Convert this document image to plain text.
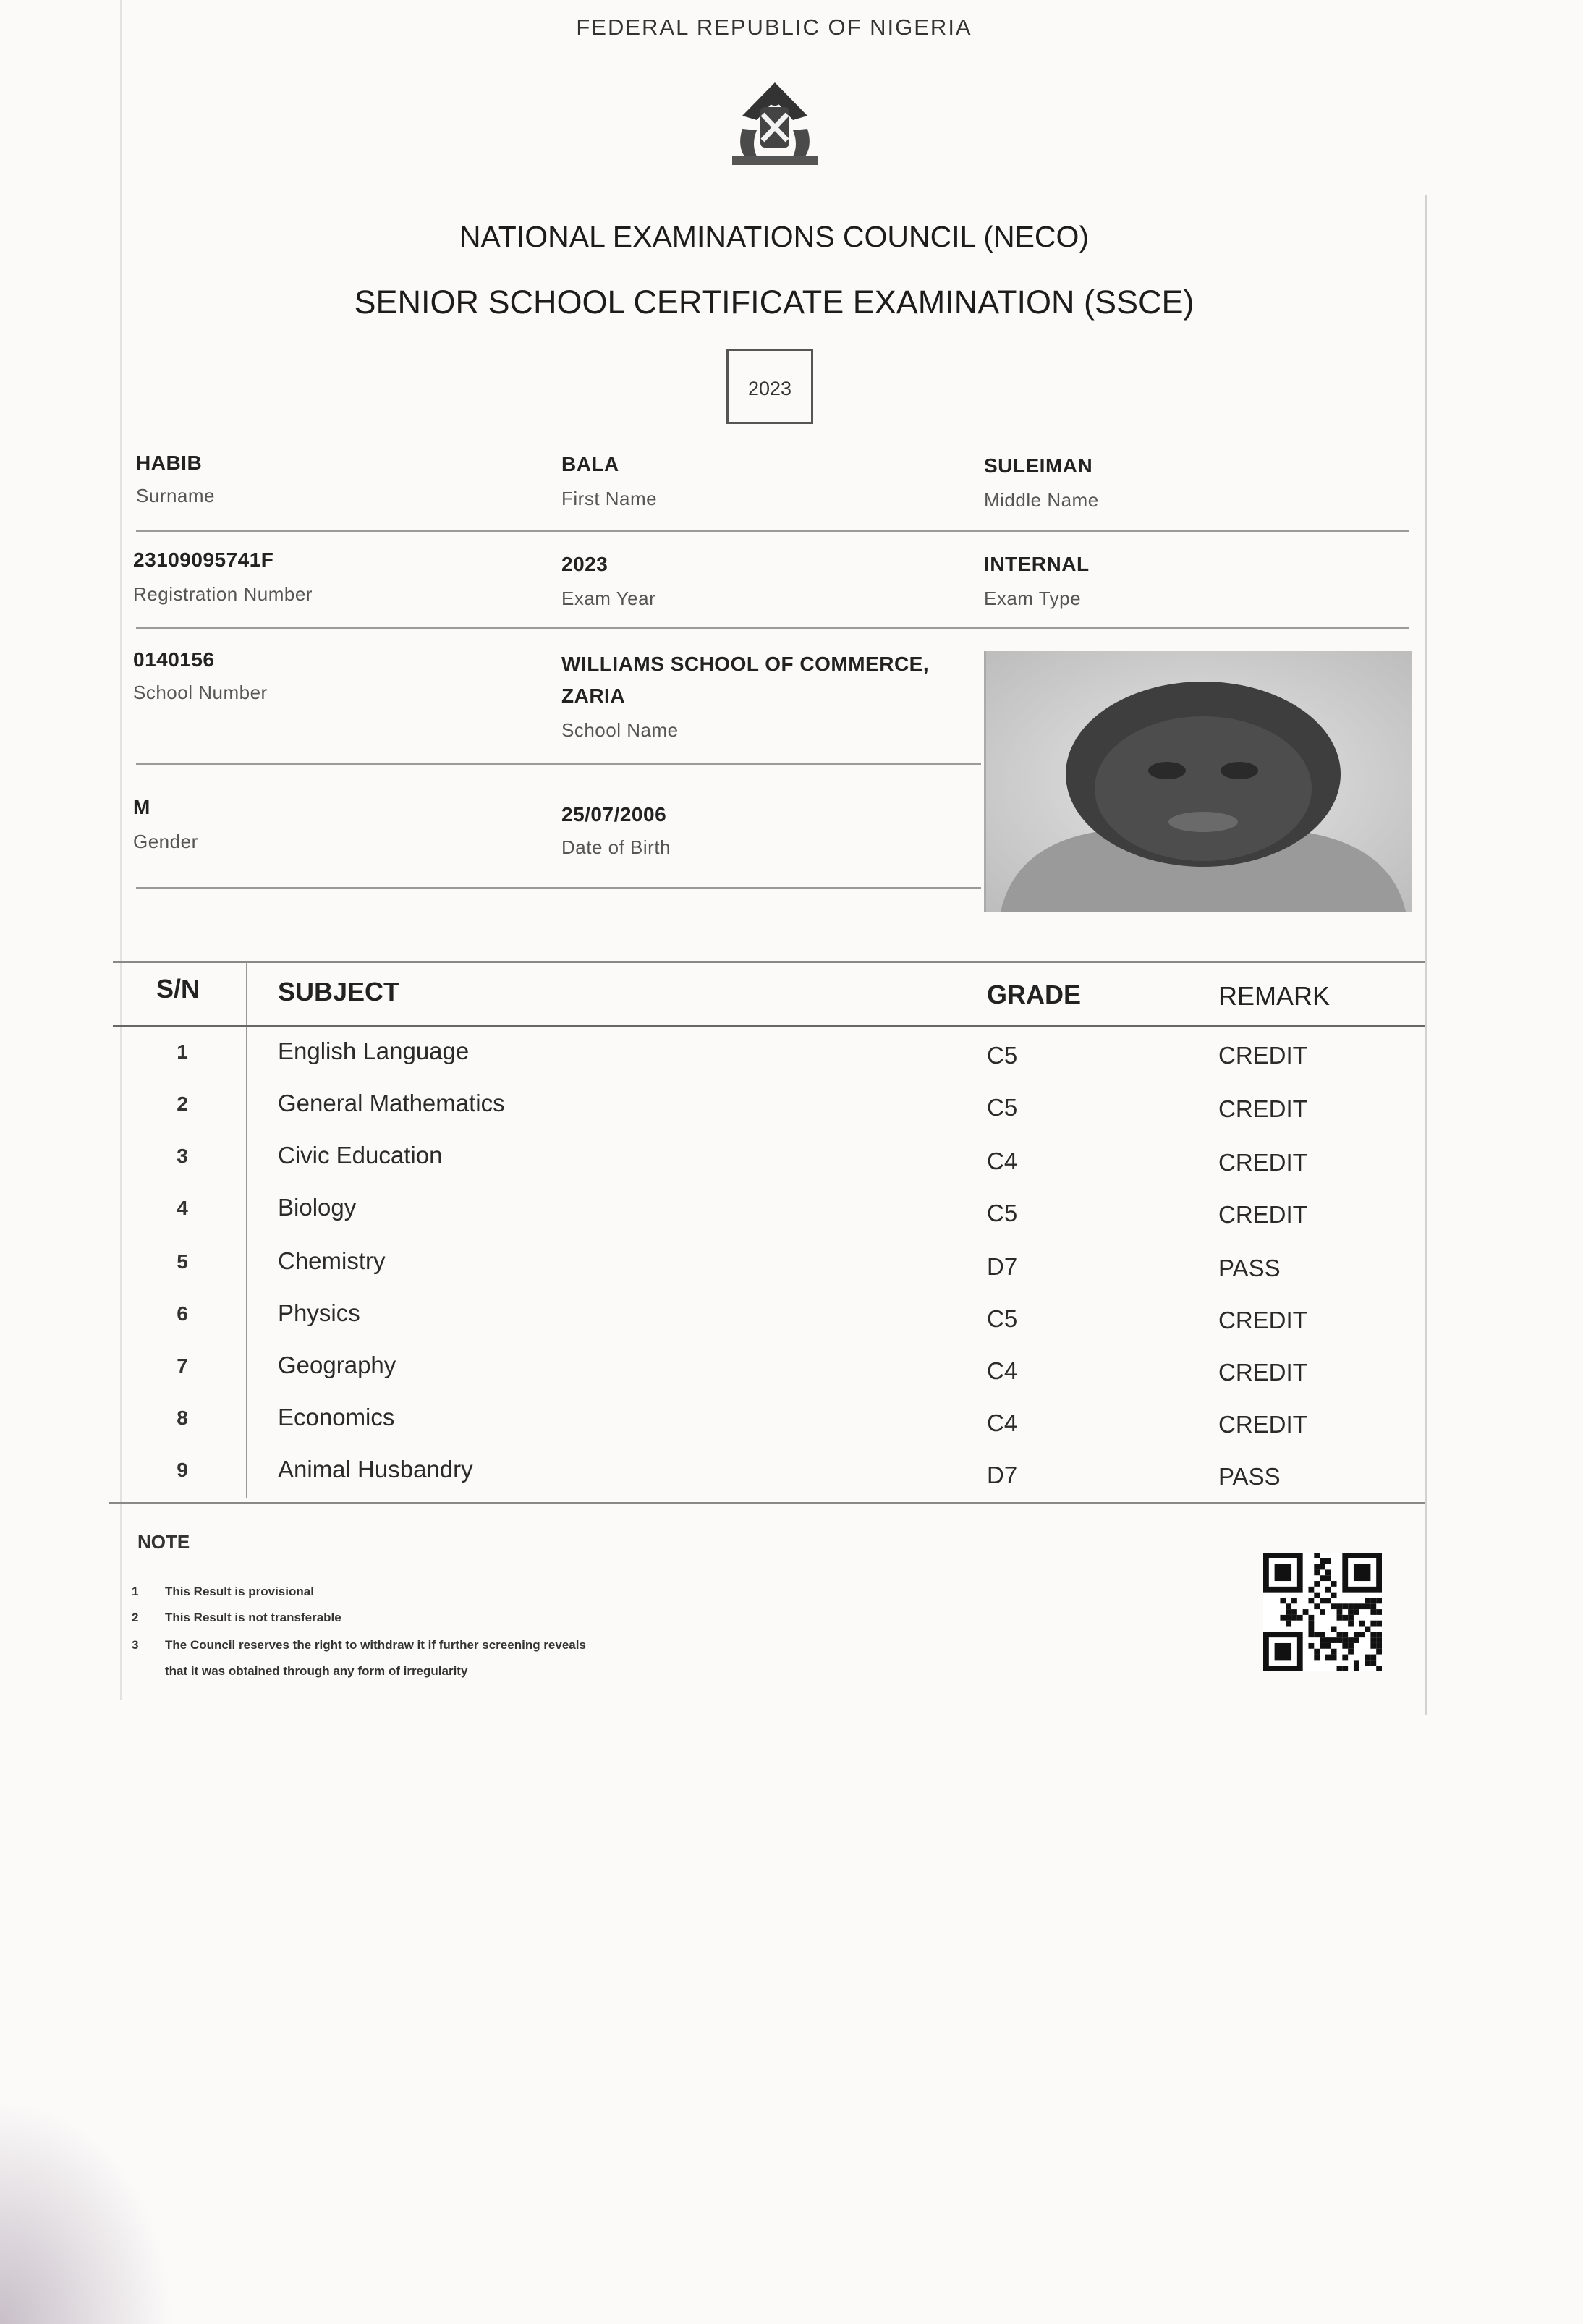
FEDERAL REPUBLIC OF NIGERIA
NATIONAL EXAMINATIONS COUNCIL (NECO)
SENIOR SCHOOL CERTIFICATE EXAMINATION (SSCE)
2023
HABIB
Surname
BALA
First Name
SULEIMAN
Middle Name
23109095741F
Registration Number
2023
Exam Year
INTERNAL
Exam Type
0140156
School Number
WILLIAMS SCHOOL OF COMMERCE,
ZARIA
School Name
M
Gender
25/07/2006
Date of Birth
S/N	SUBJECT	GRADE	REMARK
1	English Language	C5	CREDIT
2	General Mathematics	C5	CREDIT
3	Civic Education	C4	CREDIT
4	Biology	C5	CREDIT
5	Chemistry	D7	PASS
6	Physics	C5	CREDIT
7	Geography	C4	CREDIT
8	Economics	C4	CREDIT
9	Animal Husbandry	D7	PASS
NOTE
1 This Result is provisional
2 This Result is not transferable
3 The Council reserves the right to withdraw it if further screening reveals
that it was obtained through any form of irregularity
